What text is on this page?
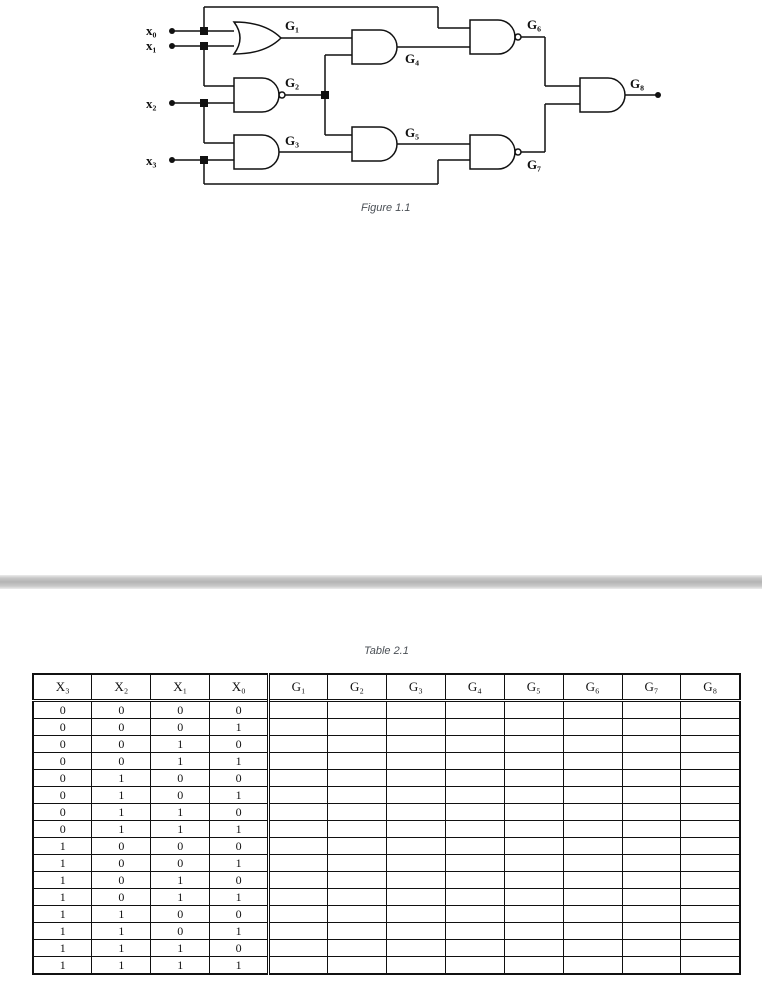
x₀
x₁
x₂
x₃
G₁
G₂
G₃
G₄
G₅
G₆
G₇
G₈
Figure 1.1
Table 2.1
X₃	X₂	X₁	X₀	G₁	G₂	G₃	G₄	G₅	G₆	G₇	G₈
0	0	0	0								
0	0	0	1								
0	0	1	0								
0	0	1	1								
0	1	0	0								
0	1	0	1								
0	1	1	0								
0	1	1	1								
1	0	0	0								
1	0	0	1								
1	0	1	0								
1	0	1	1								
1	1	0	0								
1	1	0	1								
1	1	1	0								
1	1	1	1								
